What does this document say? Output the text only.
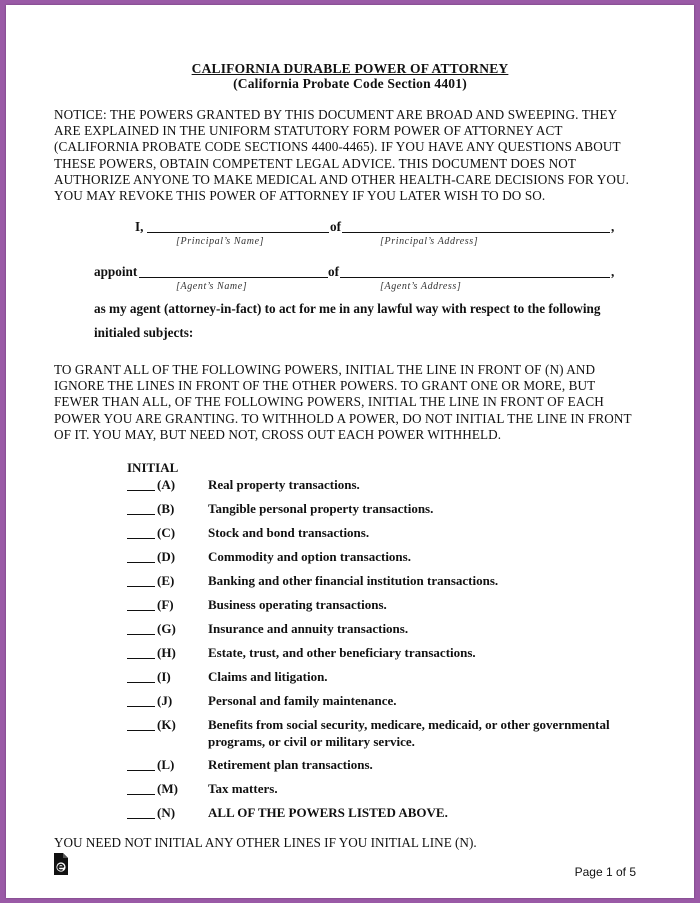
CALIFORNIA DURABLE POWER OF ATTORNEY
(California Probate Code Section 4401)
NOTICE: THE POWERS GRANTED BY THIS DOCUMENT ARE BROAD AND SWEEPING. THEY
ARE EXPLAINED IN THE UNIFORM STATUTORY FORM POWER OF ATTORNEY ACT
(CALIFORNIA PROBATE CODE SECTIONS 4400-4465). IF YOU HAVE ANY QUESTIONS ABOUT
THESE POWERS, OBTAIN COMPETENT LEGAL ADVICE. THIS DOCUMENT DOES NOT
AUTHORIZE ANYONE TO MAKE MEDICAL AND OTHER HEALTH-CARE DECISIONS FOR YOU.
YOU MAY REVOKE THIS POWER OF ATTORNEY IF YOU LATER WISH TO DO SO.
I,	of	,
[Principal’s Name]	[Principal’s Address]
appoint	of	,
[Agent’s Name]	[Agent’s Address]
as my agent (attorney-in-fact) to act for me in any lawful way with respect to the following
initialed subjects:
TO GRANT ALL OF THE FOLLOWING POWERS, INITIAL THE LINE IN FRONT OF (N) AND
IGNORE THE LINES IN FRONT OF THE OTHER POWERS. TO GRANT ONE OR MORE, BUT
FEWER THAN ALL, OF THE FOLLOWING POWERS, INITIAL THE LINE IN FRONT OF EACH
POWER YOU ARE GRANTING. TO WITHHOLD A POWER, DO NOT INITIAL THE LINE IN FRONT
OF IT. YOU MAY, BUT NEED NOT, CROSS OUT EACH POWER WITHHELD.
INITIAL
(A)	Real property transactions.
(B)	Tangible personal property transactions.
(C)	Stock and bond transactions.
(D)	Commodity and option transactions.
(E)	Banking and other financial institution transactions.
(F)	Business operating transactions.
(G) Insurance and annuity transactions.
(H) Estate, trust, and other beneficiary transactions.
(I)	Claims and litigation.
(J)	Personal and family maintenance.
(K) Benefits from social security, medicare, medicaid, or other governmental programs, or civil or military service.
(L)	Retirement plan transactions.
(M) Tax matters.
(N)	ALL OF THE POWERS LISTED ABOVE.
YOU NEED NOT INITIAL ANY OTHER LINES IF YOU INITIAL LINE (N).
Page 1 of 5
